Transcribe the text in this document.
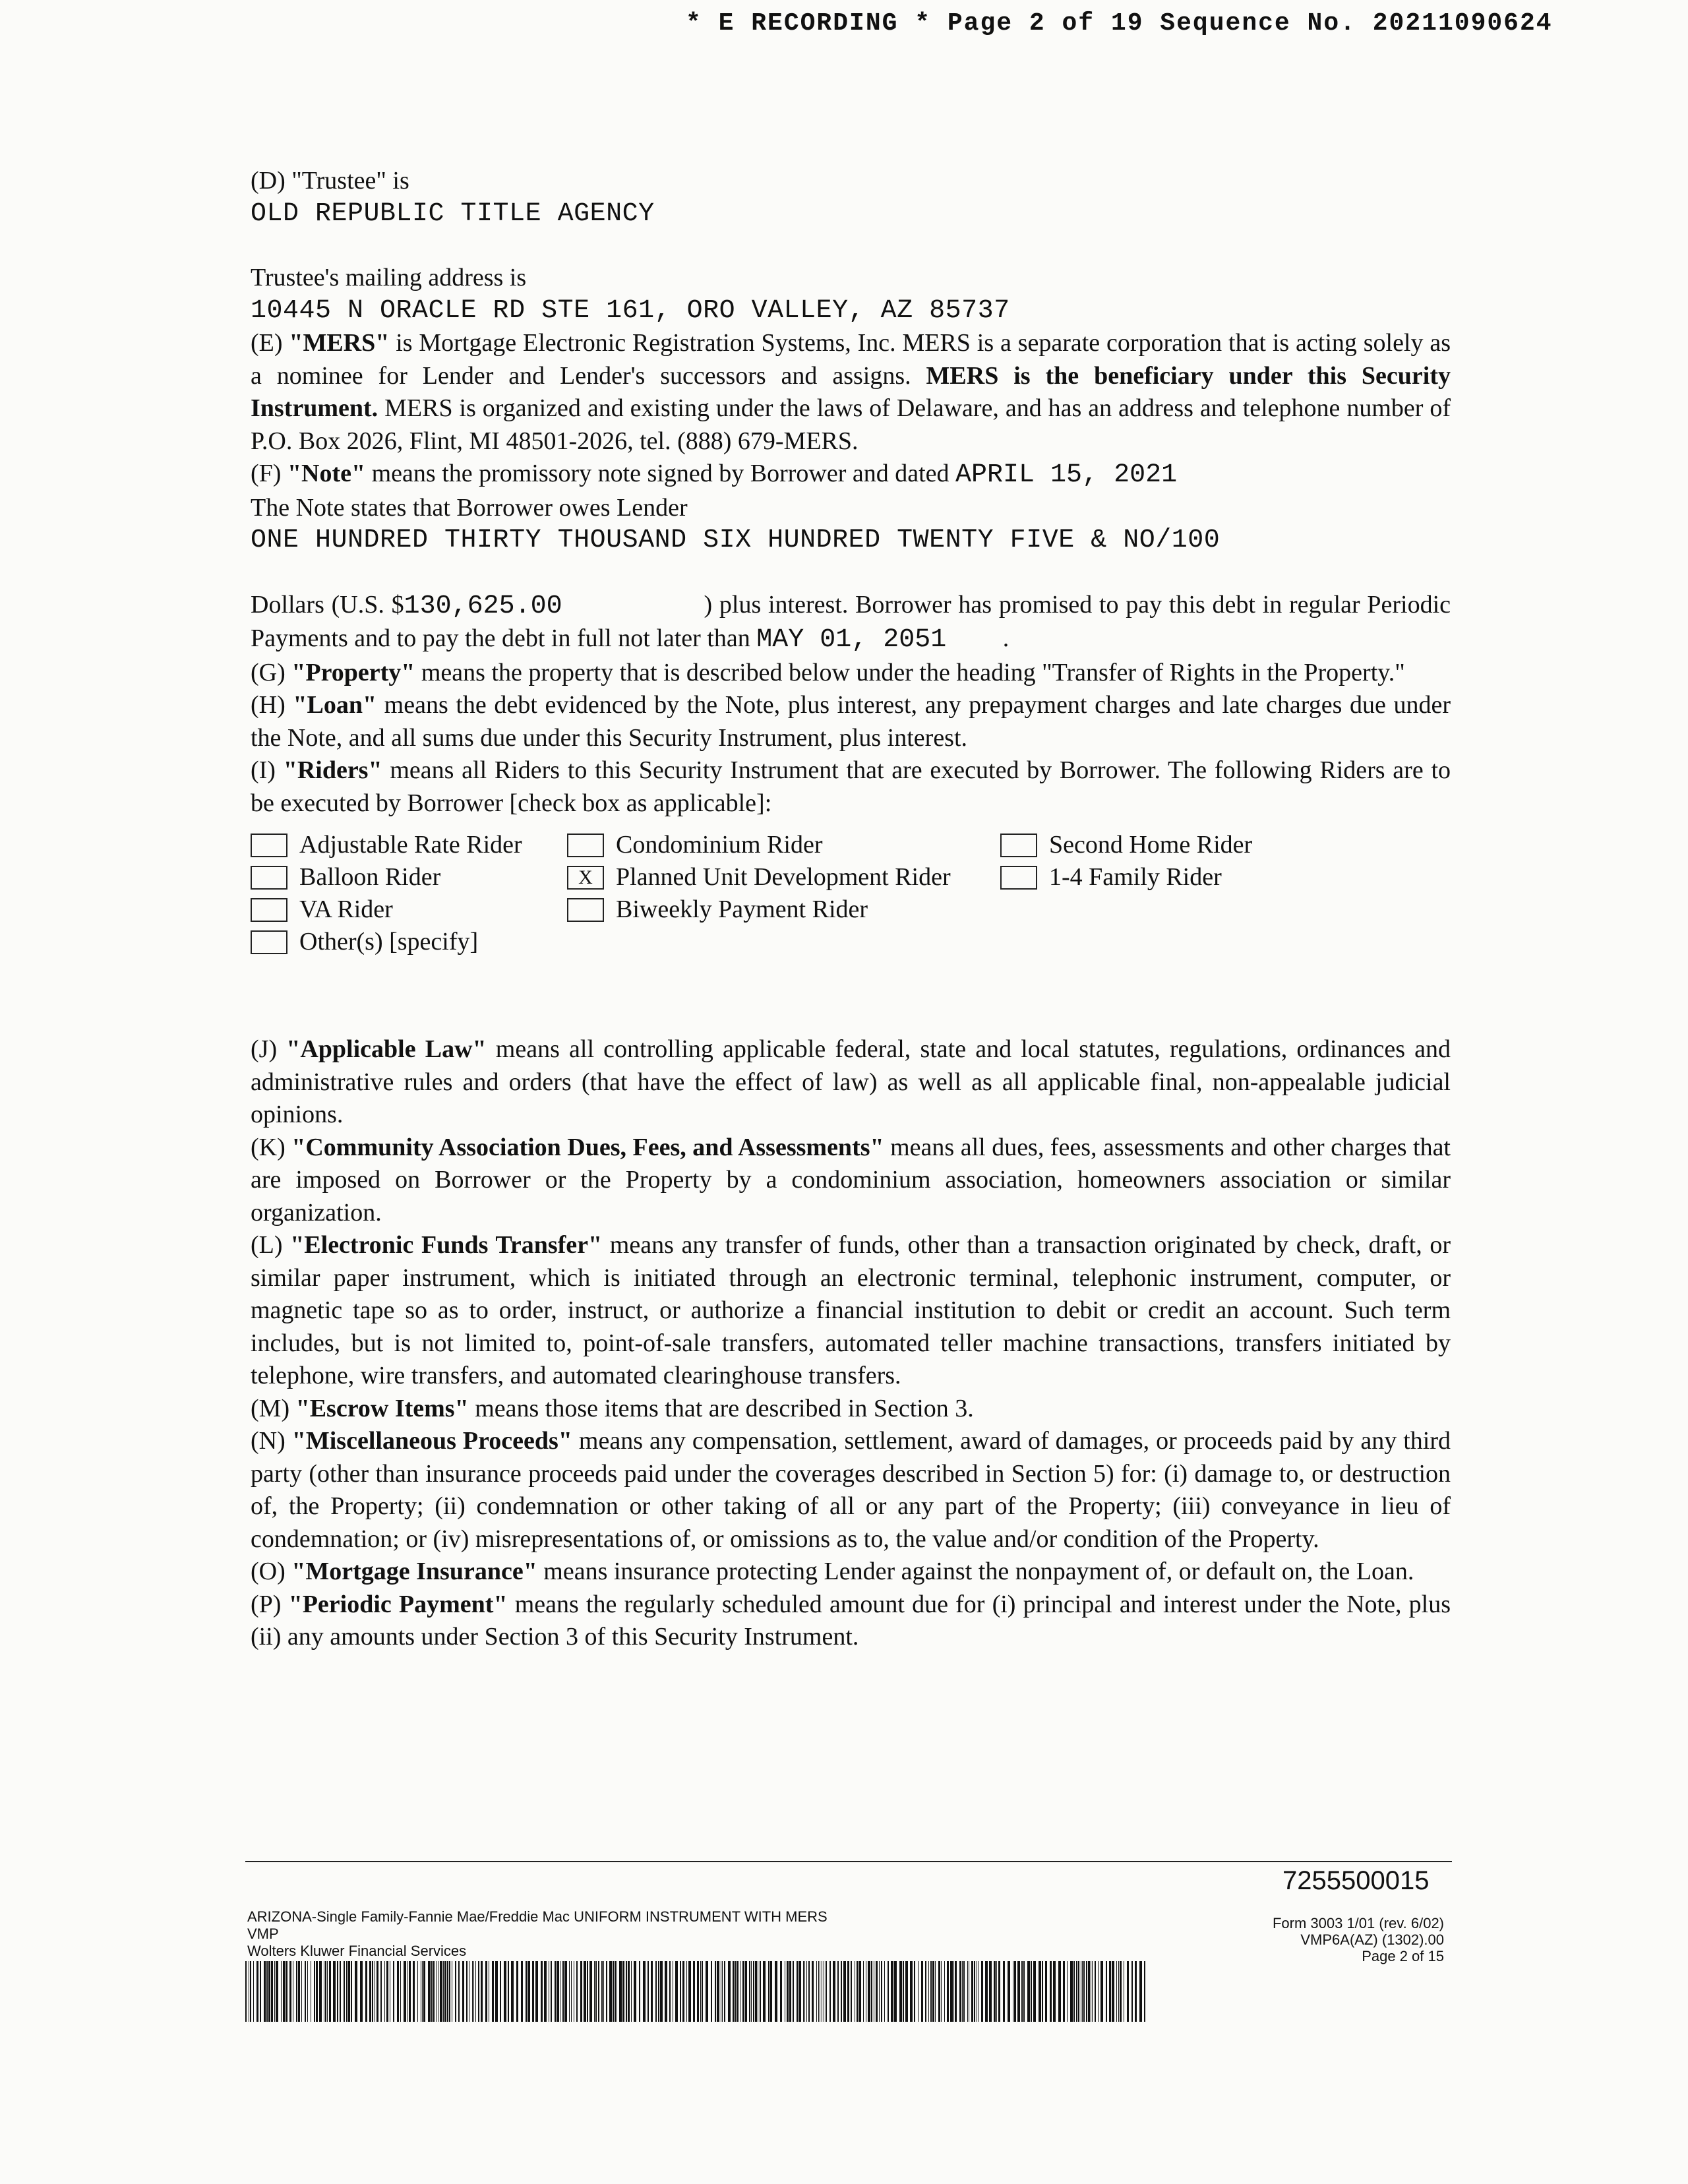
* E RECORDING * Page 2 of 19 Sequence No. 20211090624

(D) "Trustee" is

OLD REPUBLIC TITLE AGENCY

Trustee's mailing address is

10445 N ORACLE RD STE 161, ORO VALLEY, AZ 85737

(E) "MERS" is Mortgage Electronic Registration Systems, Inc. MERS is a separate corporation that is acting solely as a nominee for Lender and Lender's successors and assigns. MERS is the beneficiary under this Security Instrument. MERS is organized and existing under the laws of Delaware, and has an address and telephone number of P.O. Box 2026, Flint, MI 48501-2026, tel. (888) 679-MERS.

(F) "Note" means the promissory note signed by Borrower and dated APRIL 15, 2021

The Note states that Borrower owes Lender

ONE HUNDRED THIRTY THOUSAND SIX HUNDRED TWENTY FIVE & NO/100

Dollars (U.S. $130,625.00	) plus interest. Borrower has promised to pay this debt in regular Periodic Payments and to pay the debt in full not later than MAY 01, 2051 .

(G) "Property" means the property that is described below under the heading "Transfer of Rights in the Property."

(H) "Loan" means the debt evidenced by the Note, plus interest, any prepayment charges and late charges due under the Note, and all sums due under this Security Instrument, plus interest.

(I) "Riders" means all Riders to this Security Instrument that are executed by Borrower. The following Riders are to be executed by Borrower [check box as applicable]:

Adjustable Rate Rider	Condominium Rider	Second Home Rider
Balloon Rider	X Planned Unit Development Rider	1-4 Family Rider
VA Rider	Biweekly Payment Rider
Other(s) [specify]

(J) "Applicable Law" means all controlling applicable federal, state and local statutes, regulations, ordinances and administrative rules and orders (that have the effect of law) as well as all applicable final, non-appealable judicial opinions.

(K) "Community Association Dues, Fees, and Assessments" means all dues, fees, assessments and other charges that are imposed on Borrower or the Property by a condominium association, homeowners association or similar organization.

(L) "Electronic Funds Transfer" means any transfer of funds, other than a transaction originated by check, draft, or similar paper instrument, which is initiated through an electronic terminal, telephonic instrument, computer, or magnetic tape so as to order, instruct, or authorize a financial institution to debit or credit an account. Such term includes, but is not limited to, point-of-sale transfers, automated teller machine transactions, transfers initiated by telephone, wire transfers, and automated clearinghouse transfers.

(M) "Escrow Items" means those items that are described in Section 3.

(N) "Miscellaneous Proceeds" means any compensation, settlement, award of damages, or proceeds paid by any third party (other than insurance proceeds paid under the coverages described in Section 5) for: (i) damage to, or destruction of, the Property; (ii) condemnation or other taking of all or any part of the Property; (iii) conveyance in lieu of condemnation; or (iv) misrepresentations of, or omissions as to, the value and/or condition of the Property.

(O) "Mortgage Insurance" means insurance protecting Lender against the nonpayment of, or default on, the Loan.

(P) "Periodic Payment" means the regularly scheduled amount due for (i) principal and interest under the Note, plus (ii) any amounts under Section 3 of this Security Instrument.

7255500015
ARIZONA-Single Family-Fannie Mae/Freddie Mac UNIFORM INSTRUMENT WITH MERS
VMP
Wolters Kluwer Financial Services
Form 3003 1/01 (rev. 6/02)
VMP6A(AZ) (1302).00
Page 2 of 15
